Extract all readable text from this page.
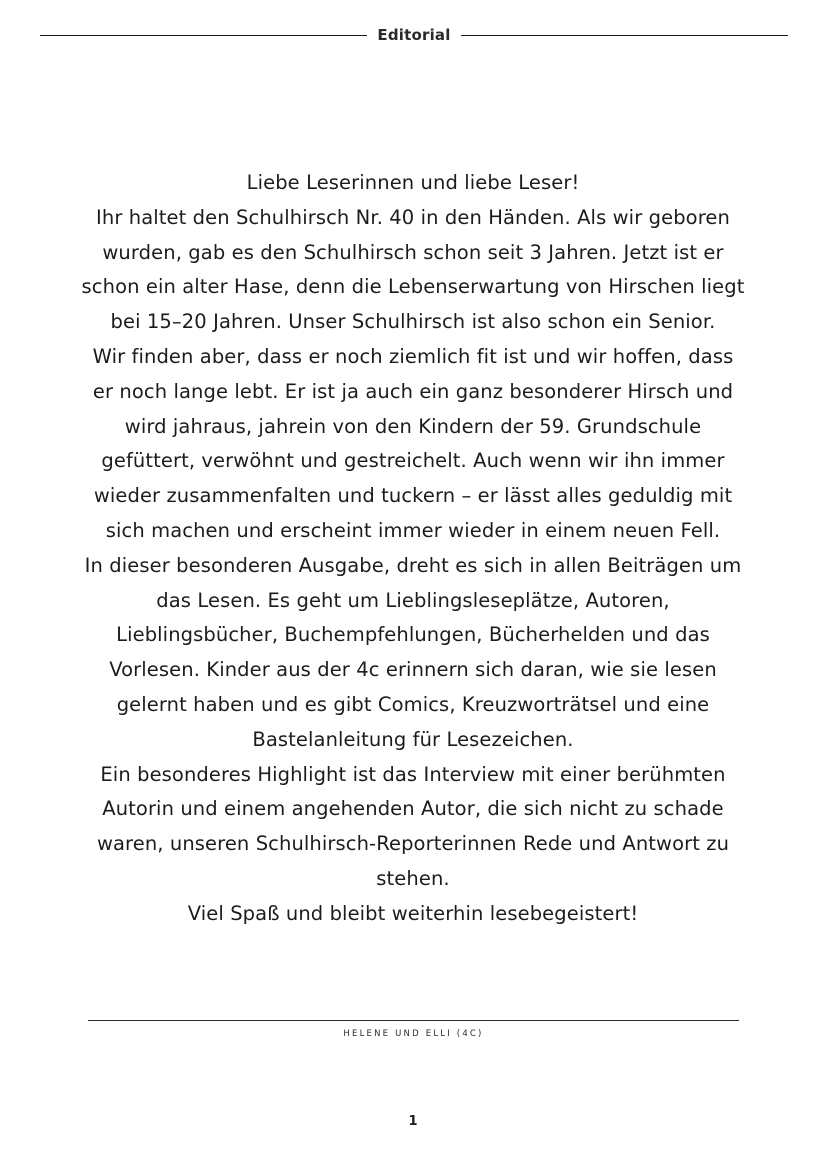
Editorial

Liebe Leserinnen und liebe Leser!

Ihr haltet den Schulhirsch Nr. 40 in den Händen. Als wir geboren wurden, gab es den Schulhirsch schon seit 3 Jahren. Jetzt ist er schon ein alter Hase, denn die Lebenserwartung von Hirschen liegt bei 15–20 Jahren. Unser Schulhirsch ist also schon ein Senior.

Wir finden aber, dass er noch ziemlich fit ist und wir hoffen, dass er noch lange lebt. Er ist ja auch ein ganz besonderer Hirsch und wird jahraus, jahrein von den Kindern der 59. Grundschule gefüttert, verwöhnt und gestreichelt. Auch wenn wir ihn immer wieder zusammenfalten und tuckern – er lässt alles geduldig mit sich machen und erscheint immer wieder in einem neuen Fell.

In dieser besonderen Ausgabe, dreht es sich in allen Beiträgen um das Lesen. Es geht um Lieblingsleseplätze, Autoren, Lieblingsbücher, Buchempfehlungen, Bücherhelden und das Vorlesen. Kinder aus der 4c erinnern sich daran, wie sie lesen gelernt haben und es gibt Comics, Kreuzworträtsel und eine Bastelanleitung für Lesezeichen.

Ein besonderes Highlight ist das Interview mit einer berühmten Autorin und einem angehenden Autor, die sich nicht zu schade waren, unseren Schulhirsch-Reporterinnen Rede und Antwort zu stehen.

Viel Spaß und bleibt weiterhin lesebegeistert!

HELENE UND ELLI (4C)
1
